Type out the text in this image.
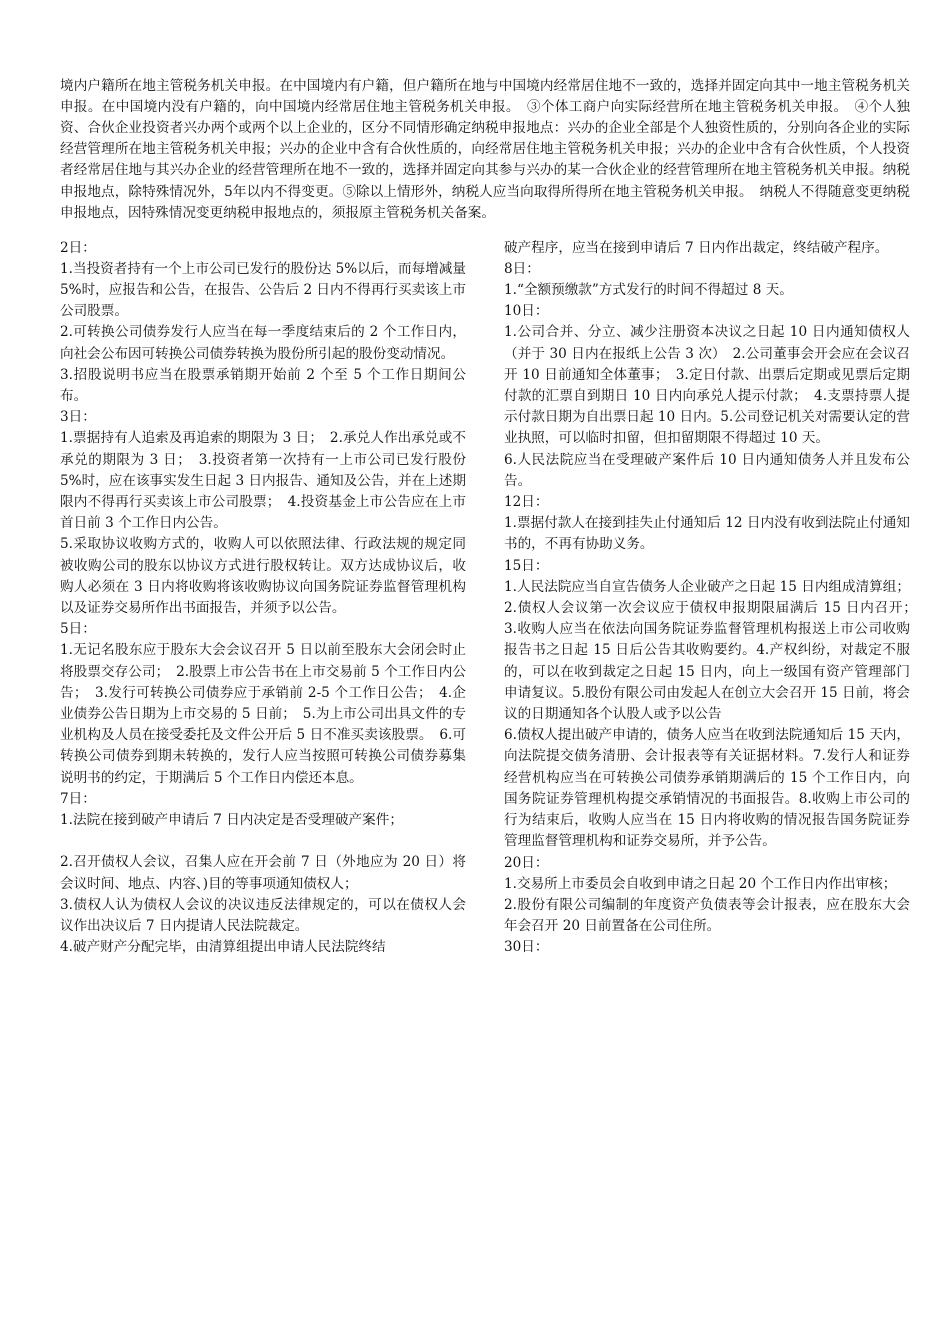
境内户籍所在地主管税务机关申报。在中国境内有户籍，但户籍所在地与中国境内经常居住地不一致的，选择并固定向其中一地主管税务机关申报。在中国境内没有户籍的，向中国境内经常居住地主管税务机关申报。　③个体工商户向实际经营所在地主管税务机关申报。　④个人独资、合伙企业投资者兴办两个或两个以上企业的，区分不同情形确定纳税申报地点：兴办的企业全部是个人独资性质的，分别向各企业的实际经营管理所在地主管税务机关申报；兴办的企业中含有合伙性质的，向经常居住地主管税务机关申报；兴办的企业中含有合伙性质，个人投资者经常居住地与其兴办企业的经营管理所在地不一致的，选择并固定向其参与兴办的某一合伙企业的经营管理所在地主管税务机关申报。纳税申报地点，除特殊情况外，5年以内不得变更。⑤除以上情形外，纳税人应当向取得所得所在地主管税务机关申报。　纳税人不得随意变更纳税申报地点，因特殊情况变更纳税申报地点的，须报原主管税务机关备案。

2日：

1.当投资者持有一个上市公司已发行的股份达 5%以后，而每增减量 5%时，应报告和公告，在报告、公告后 2 日内不得再行买卖该上市公司股票。

2.可转换公司债券发行人应当在每一季度结束后的 2 个工作日内，向社会公布因可转换公司债券转换为股份所引起的股份变动情况。

3.招股说明书应当在股票承销期开始前 2 个至 5 个工作日期间公布。

3日：

1.票据持有人追索及再追索的期限为 3 日；　2.承兑人作出承兑或不承兑的期限为 3 日；　3.投资者第一次持有一上市公司已发行股份 5%时，应在该事实发生日起 3 日内报告、通知及公告，并在上述期限内不得再行买卖该上市公司股票；　4.投资基金上市公告应在上市首日前 3 个工作日内公告。

5.采取协议收购方式的，收购人可以依照法律、行政法规的规定同被收购公司的股东以协议方式进行股权转让。双方达成协议后，收购人必须在 3 日内将收购将该收购协议向国务院证券监督管理机构以及证券交易所作出书面报告，并须予以公告。

5日：

1.无记名股东应于股东大会会议召开 5 日以前至股东大会闭会时止将股票交存公司；　2.股票上市公告书在上市交易前 5 个工作日内公告；　3.发行可转换公司债券应于承销前 2-5 个工作日公告；　4.企业债券公告日期为上市交易的 5 日前；　5.为上市公司出具文件的专业机构及人员在接受委托及文件公开后 5 日不准买卖该股票。　6.可转换公司债券到期未转换的，发行人应当按照可转换公司债券募集说明书的约定，于期满后 5 个工作日内偿还本息。

7日：

1.法院在接到破产申请后 7 日内决定是否受理破产案件；

2.召开债权人会议，召集人应在开会前 7 日（外地应为 20 日）将会议时间、地点、内容、)目的等事项通知债权人；

3.债权人认为债权人会议的决议违反法律规定的，可以在债权人会议作出决议后 7 日内提请人民法院裁定。

4.破产财产分配完毕，由清算组提出申请人民法院终结

破产程序，应当在接到申请后 7 日内作出裁定，终结破产程序。

8日：

1.“全额预缴款”方式发行的时间不得超过 8 天。

10日：

1.公司合并、分立、减少注册资本决议之日起 10 日内通知债权人（并于 30 日内在报纸上公告 3 次）　2.公司董事会开会应在会议召开 10 日前通知全体董事；　3.定日付款、出票后定期或见票后定期付款的汇票自到期日 10 日内向承兑人提示付款；　4.支票持票人提示付款日期为自出票日起 10 日内。5.公司登记机关对需要认定的营业执照，可以临时扣留，但扣留期限不得超过 10 天。

6.人民法院应当在受理破产案件后 10 日内通知债务人并且发布公告。

12日：

1.票据付款人在接到挂失止付通知后 12 日内没有收到法院止付通知书的，不再有协助义务。

15日：

1.人民法院应当自宣告债务人企业破产之日起 15 日内组成清算组；2.债权人会议第一次会议应于债权申报期限届满后 15 日内召开；　3.收购人应当在依法向国务院证券监督管理机构报送上市公司收购报告书之日起 15 日后公告其收购要约。4.产权纠纷，对裁定不服的，可以在收到裁定之日起 15 日内，向上一级国有资产管理部门申请复议。5.股份有限公司由发起人在创立大会召开 15 日前，将会议的日期通知各个认股人或予以公告

6.债权人提出破产申请的，债务人应当在收到法院通知后 15 天内，向法院提交债务清册、会计报表等有关证据材料。7.发行人和证券经营机构应当在可转换公司债券承销期满后的 15 个工作日内，向国务院证券管理机构提交承销情况的书面报告。8.收购上市公司的行为结束后，收购人应当在 15 日内将收购的情况报告国务院证券管理监督管理机构和证券交易所，并予公告。

20日：

1.交易所上市委员会自收到申请之日起 20 个工作日内作出审核；

2.股份有限公司编制的年度资产负债表等会计报表，应在股东大会年会召开 20 日前置备在公司住所。

30日：
